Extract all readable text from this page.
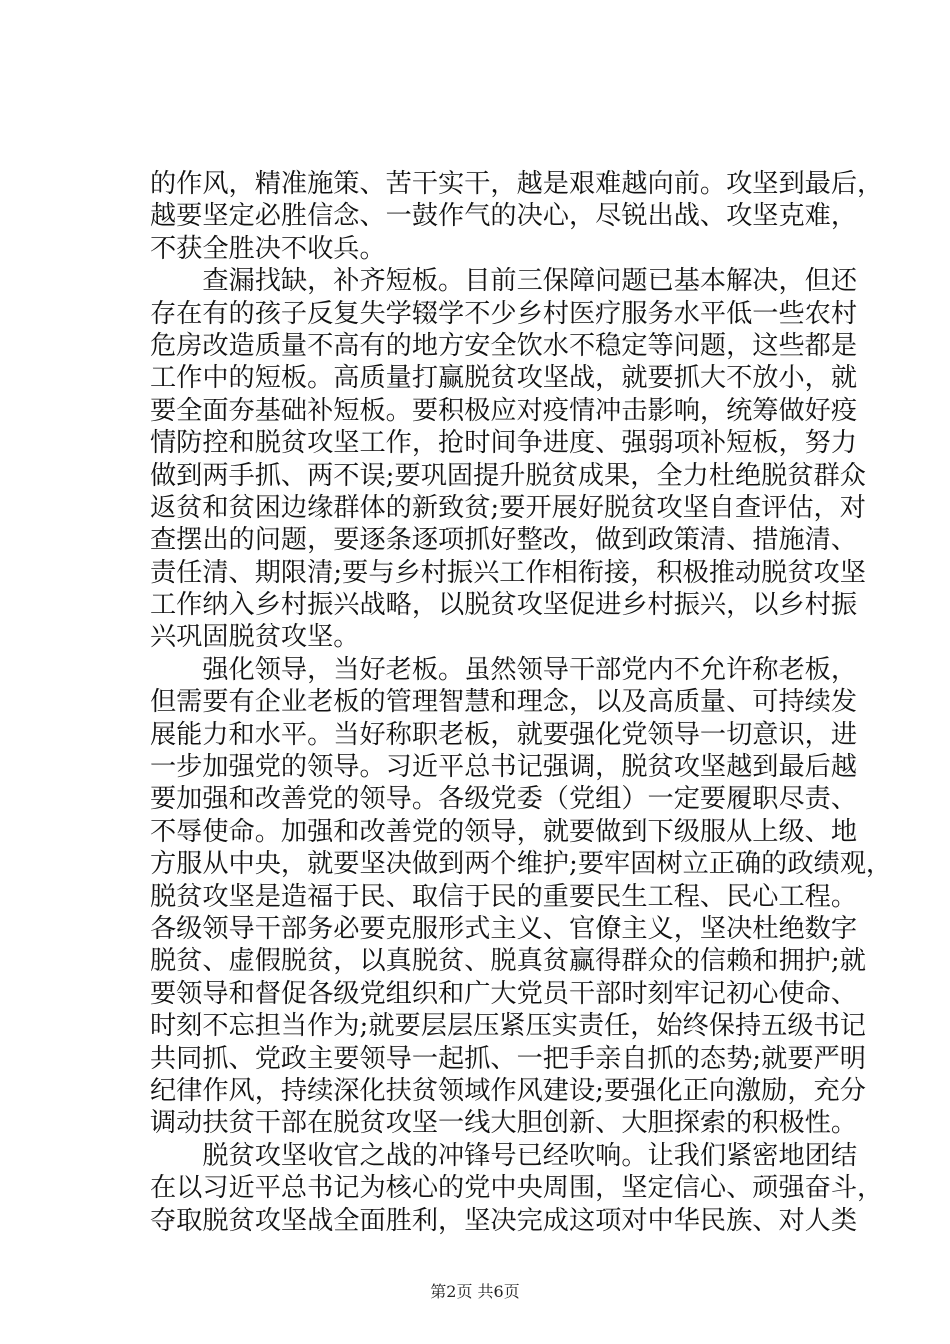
的作风，精准施策、苦干实干，越是艰难越向前。攻坚到最后，
越要坚定必胜信念、一鼓作气的决心，尽锐出战、攻坚克难，
不获全胜决不收兵。
　　查漏找缺，补齐短板。目前三保障问题已基本解决，但还
存在有的孩子反复失学辍学不少乡村医疗服务水平低一些农村
危房改造质量不高有的地方安全饮水不稳定等问题，这些都是
工作中的短板。高质量打赢脱贫攻坚战，就要抓大不放小，就
要全面夯基础补短板。要积极应对疫情冲击影响，统筹做好疫
情防控和脱贫攻坚工作，抢时间争进度、强弱项补短板，努力
做到两手抓、两不误;要巩固提升脱贫成果，全力杜绝脱贫群众
返贫和贫困边缘群体的新致贫;要开展好脱贫攻坚自查评估，对
查摆出的问题，要逐条逐项抓好整改，做到政策清、措施清、
责任清、期限清;要与乡村振兴工作相衔接，积极推动脱贫攻坚
工作纳入乡村振兴战略，以脱贫攻坚促进乡村振兴，以乡村振
兴巩固脱贫攻坚。
　　强化领导，当好老板。虽然领导干部党内不允许称老板，
但需要有企业老板的管理智慧和理念，以及高质量、可持续发
展能力和水平。当好称职老板，就要强化党领导一切意识，进
一步加强党的领导。习近平总书记强调，脱贫攻坚越到最后越
要加强和改善党的领导。各级党委（党组）一定要履职尽责、
不辱使命。加强和改善党的领导，就要做到下级服从上级、地
方服从中央，就要坚决做到两个维护;要牢固树立正确的政绩观，
脱贫攻坚是造福于民、取信于民的重要民生工程、民心工程。
各级领导干部务必要克服形式主义、官僚主义，坚决杜绝数字
脱贫、虚假脱贫，以真脱贫、脱真贫赢得群众的信赖和拥护;就
要领导和督促各级党组织和广大党员干部时刻牢记初心使命、
时刻不忘担当作为;就要层层压紧压实责任，始终保持五级书记
共同抓、党政主要领导一起抓、一把手亲自抓的态势;就要严明
纪律作风，持续深化扶贫领域作风建设;要强化正向激励，充分
调动扶贫干部在脱贫攻坚一线大胆创新、大胆探索的积极性。
　　脱贫攻坚收官之战的冲锋号已经吹响。让我们紧密地团结
在以习近平总书记为核心的党中央周围，坚定信心、顽强奋斗，
夺取脱贫攻坚战全面胜利，坚决完成这项对中华民族、对人类
第2页 共6页
